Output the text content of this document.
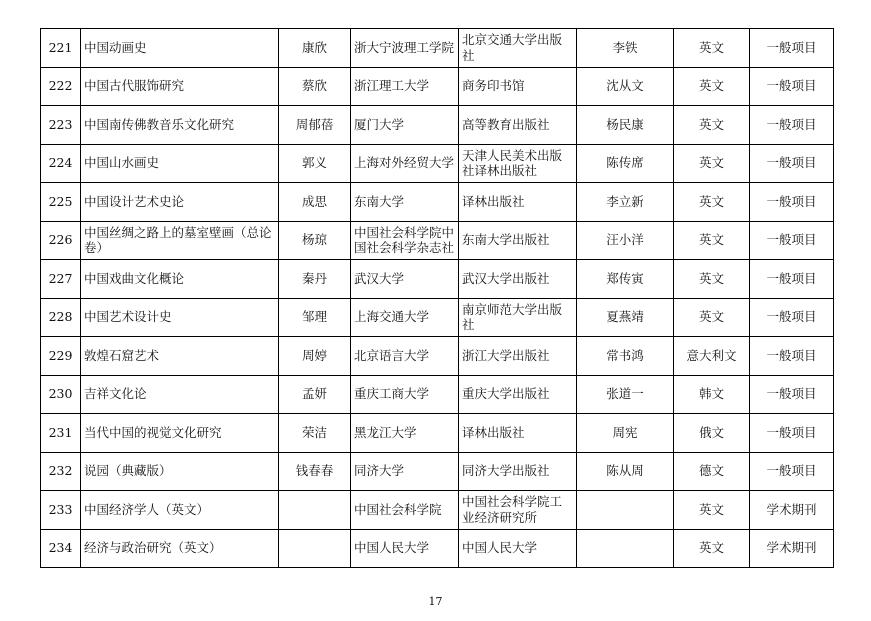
221	中国动画史	康欣	浙大宁波理工学院	北京交通大学出版社	李铁	英文	一般项目
222	中国古代服饰研究	蔡欣	浙江理工大学	商务印书馆	沈从文	英文	一般项目
223	中国南传佛教音乐文化研究	周郁蓓	厦门大学	高等教育出版社	杨民康	英文	一般项目
224	中国山水画史	郭义	上海对外经贸大学	天津人民美术出版社译林出版社	陈传席	英文	一般项目
225	中国设计艺术史论	成思	东南大学	译林出版社	李立新	英文	一般项目
226	中国丝绸之路上的墓室壁画（总论卷）	杨琼	中国社会科学院中国社会科学杂志社	东南大学出版社	汪小洋	英文	一般项目
227	中国戏曲文化概论	秦丹	武汉大学	武汉大学出版社	郑传寅	英文	一般项目
228	中国艺术设计史	邹理	上海交通大学	南京师范大学出版社	夏燕靖	英文	一般项目
229	敦煌石窟艺术	周婷	北京语言大学	浙江大学出版社	常书鸿	意大利文	一般项目
230	吉祥文化论	孟妍	重庆工商大学	重庆大学出版社	张道一	韩文	一般项目
231	当代中国的视觉文化研究	荣洁	黑龙江大学	译林出版社	周宪	俄文	一般项目
232	说园（典藏版）	钱春春	同济大学	同济大学出版社	陈从周	德文	一般项目
233	中国经济学人（英文）		中国社会科学院	中国社会科学院工业经济研究所		英文	学术期刊
234	经济与政治研究（英文）		中国人民大学	中国人民大学		英文	学术期刊
17
